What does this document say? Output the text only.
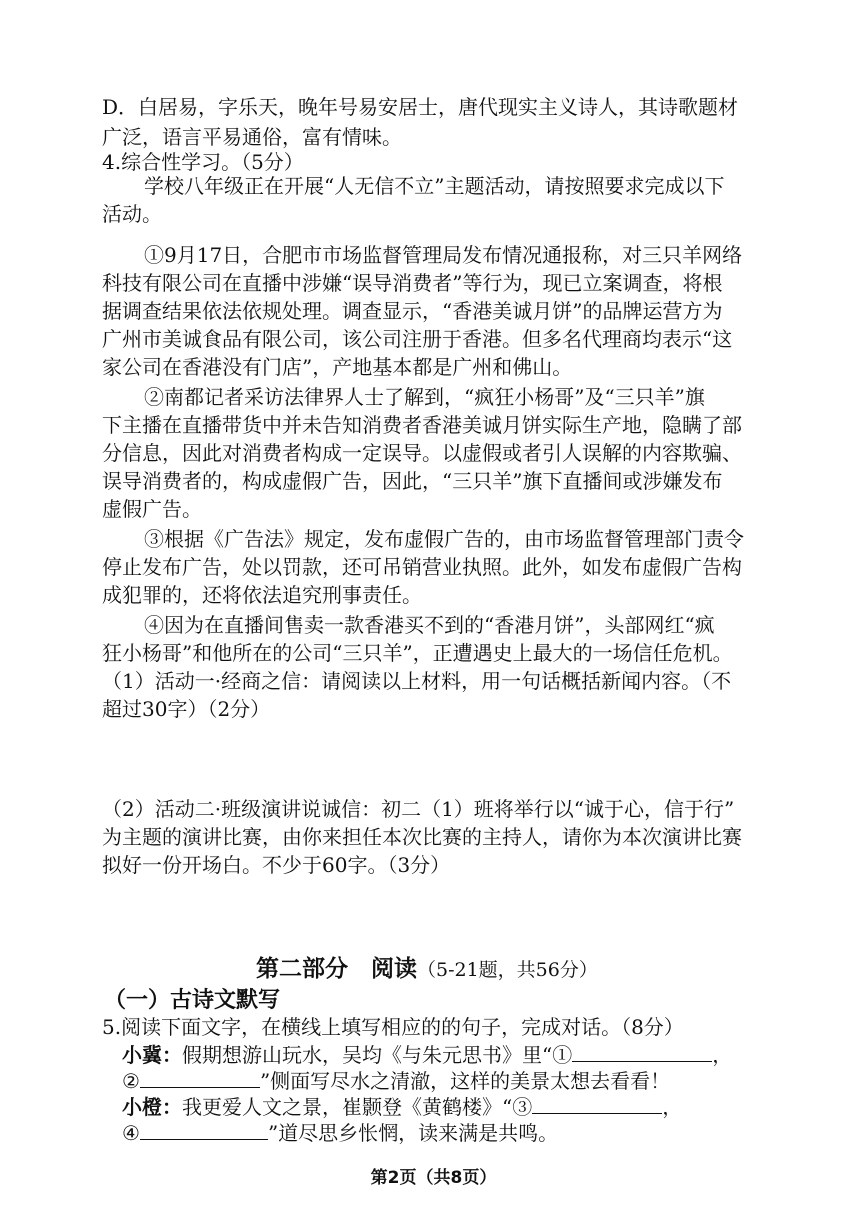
D．白居易，字乐天，晚年号易安居士，唐代现实主义诗人，其诗歌题材
广泛，语言平易通俗，富有情味。
4.综合性学习。（5分）
学校八年级正在开展“人无信不立”主题活动，请按照要求完成以下
活动。
①9月17日，合肥市市场监督管理局发布情况通报称，对三只羊网络
科技有限公司在直播中涉嫌“误导消费者”等行为，现已立案调查，将根
据调查结果依法依规处理。调查显示，“香港美诚月饼”的品牌运营方为
广州市美诚食品有限公司，该公司注册于香港。但多名代理商均表示“这
家公司在香港没有门店”，产地基本都是广州和佛山。
②南都记者采访法律界人士了解到，“疯狂小杨哥”及“三只羊”旗
下主播在直播带货中并未告知消费者香港美诚月饼实际生产地，隐瞒了部
分信息，因此对消费者构成一定误导。以虚假或者引人误解的内容欺骗、
误导消费者的，构成虚假广告，因此，“三只羊”旗下直播间或涉嫌发布
虚假广告。
③根据《广告法》规定，发布虚假广告的，由市场监督管理部门责令
停止发布广告，处以罚款，还可吊销营业执照。此外，如发布虚假广告构
成犯罪的，还将依法追究刑事责任。
④因为在直播间售卖一款香港买不到的“香港月饼”，头部网红“疯
狂小杨哥”和他所在的公司“三只羊”，正遭遇史上最大的一场信任危机。
（1）活动一·经商之信：请阅读以上材料，用一句话概括新闻内容。（不
超过30字）（2分）
（2）活动二·班级演讲说诚信：初二（1）班将举行以“诚于心，信于行”
为主题的演讲比赛，由你来担任本次比赛的主持人，请你为本次演讲比赛
拟好一份开场白。不少于60字。（3分）
第二部分　阅读（5-21题，共56分）
（一）古诗文默写
5.阅读下面文字，在横线上填写相应的的句子，完成对话。（8分）
小冀：假期想游山玩水，吴均《与朱元思书》里“①	，
②	”侧面写尽水之清澈，这样的美景太想去看看！
小橙：我更爱人文之景，崔颢登《黄鹤楼》“③	，
④	”道尽思乡怅惘，读来满是共鸣。
第2页（共8页）
